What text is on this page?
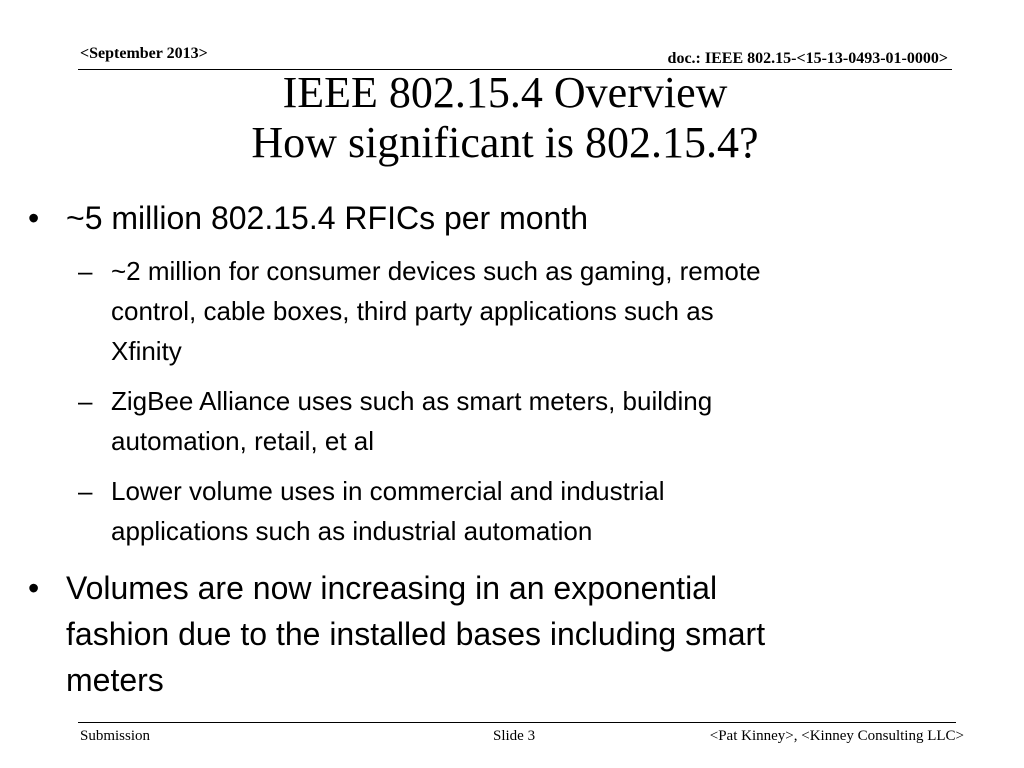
<September 2013>	doc.: IEEE 802.15-<15-13-0493-01-0000>
IEEE 802.15.4 Overview
How significant is 802.15.4?
• ~5 million 802.15.4 RFICs per month
– ~2 million for consumer devices such as gaming, remote
control, cable boxes, third party applications such as
Xfinity
– ZigBee Alliance uses such as smart meters, building
automation, retail, et al
– Lower volume uses in commercial and industrial
applications such as industrial automation
• Volumes are now increasing in an exponential
fashion due to the installed bases including smart
meters
Submission	Slide 3	<Pat Kinney>, <Kinney Consulting LLC>
